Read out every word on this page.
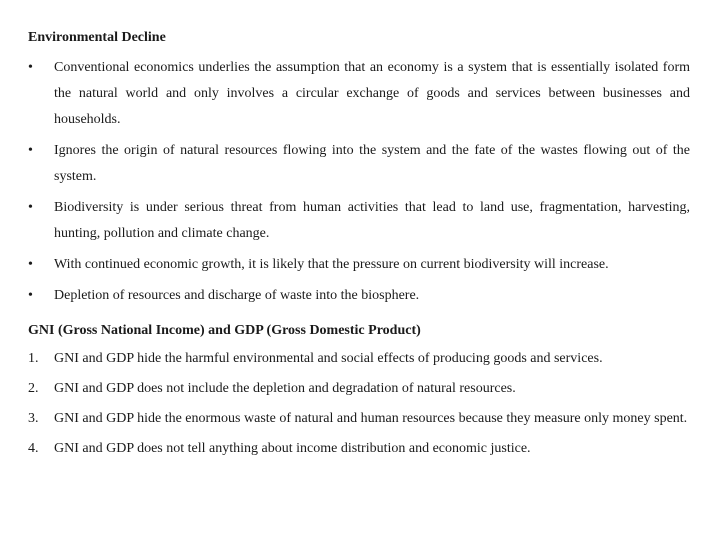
Environmental Decline
•	Conventional economics underlies the assumption that an economy is a system that is essentially isolated form the natural world and only involves a circular exchange of goods and services between businesses and households.
•	Ignores the origin of natural resources flowing into the system and the fate of the wastes flowing out of the system.
•	Biodiversity is under serious threat from human activities that lead to land use, fragmentation, harvesting, hunting, pollution and climate change.
•	With continued economic growth, it is likely that the pressure on current biodiversity will increase.
•	Depletion of resources and discharge of waste into the biosphere.
GNI (Gross National Income) and GDP (Gross Domestic Product)
1.	GNI and GDP hide the harmful environmental and social effects of producing goods and services.
2.	GNI and GDP does not include the depletion and degradation of natural resources.
3.	GNI and GDP hide the enormous waste of natural and human resources because they measure only money spent.
4.	GNI and GDP does not tell anything about income distribution and economic justice.
